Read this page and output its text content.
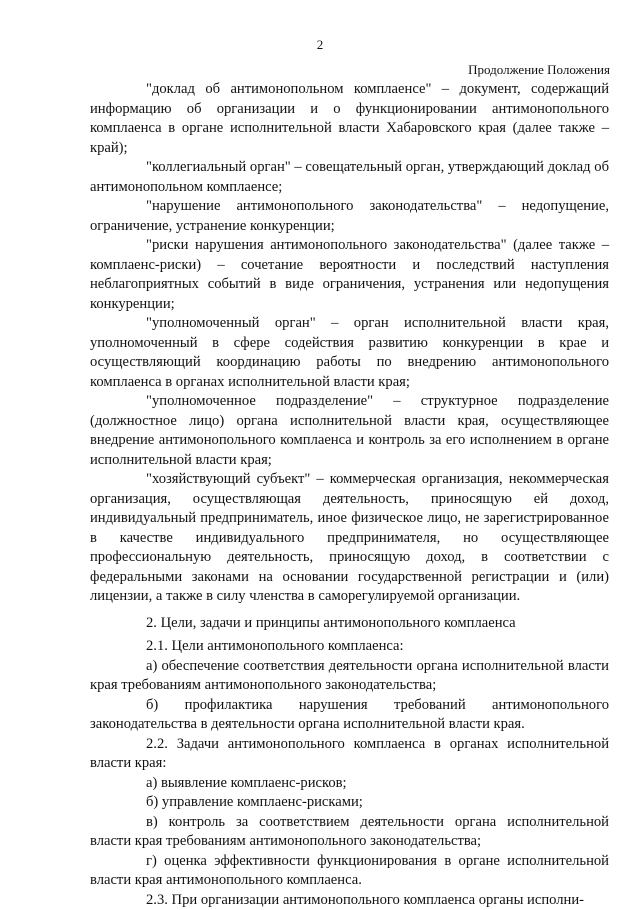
2
Продолжение Положения

"доклад об антимонопольном комплаенсе" – документ, содержащий информацию об организации и о функционировании антимонопольного комплаенса в органе исполнительной власти Хабаровского края (далее также – край);

"коллегиальный орган" – совещательный орган, утверждающий доклад об антимонопольном комплаенсе;

"нарушение антимонопольного законодательства" – недопущение, ограничение, устранение конкуренции;

"риски нарушения антимонопольного законодательства" (далее также – комплаенс-риски) – сочетание вероятности и последствий наступления неблагоприятных событий в виде ограничения, устранения или недопущения конкуренции;

"уполномоченный орган" – орган исполнительной власти края, уполномоченный в сфере содействия развитию конкуренции в крае и осуществляющий координацию работы по внедрению антимонопольного комплаенса в органах исполнительной власти края;

"уполномоченное подразделение" – структурное подразделение (должностное лицо) органа исполнительной власти края, осуществляющее внедрение антимонопольного комплаенса и контроль за его исполнением в органе исполнительной власти края;

"хозяйствующий субъект" – коммерческая организация, некоммерческая организация, осуществляющая деятельность, приносящую ей доход, индивидуальный предприниматель, иное физическое лицо, не зарегистрированное в качестве индивидуального предпринимателя, но осуществляющее профессиональную деятельность, приносящую доход, в соответствии с федеральными законами на основании государственной регистрации и (или) лицензии, а также в силу членства в саморегулируемой организации.

2. Цели, задачи и принципы антимонопольного комплаенса

2.1. Цели антимонопольного комплаенса:

а) обеспечение соответствия деятельности органа исполнительной власти края требованиям антимонопольного законодательства;

б) профилактика нарушения требований антимонопольного законодательства в деятельности органа исполнительной власти края.

2.2. Задачи антимонопольного комплаенса в органах исполнительной власти края:

а) выявление комплаенс-рисков;

б) управление комплаенс-рисками;

в) контроль за соответствием деятельности органа исполнительной власти края требованиям антимонопольного законодательства;

г) оценка эффективности функционирования в органе исполнительной власти края антимонопольного комплаенса.

2.3. При организации антимонопольного комплаенса органы исполни-
